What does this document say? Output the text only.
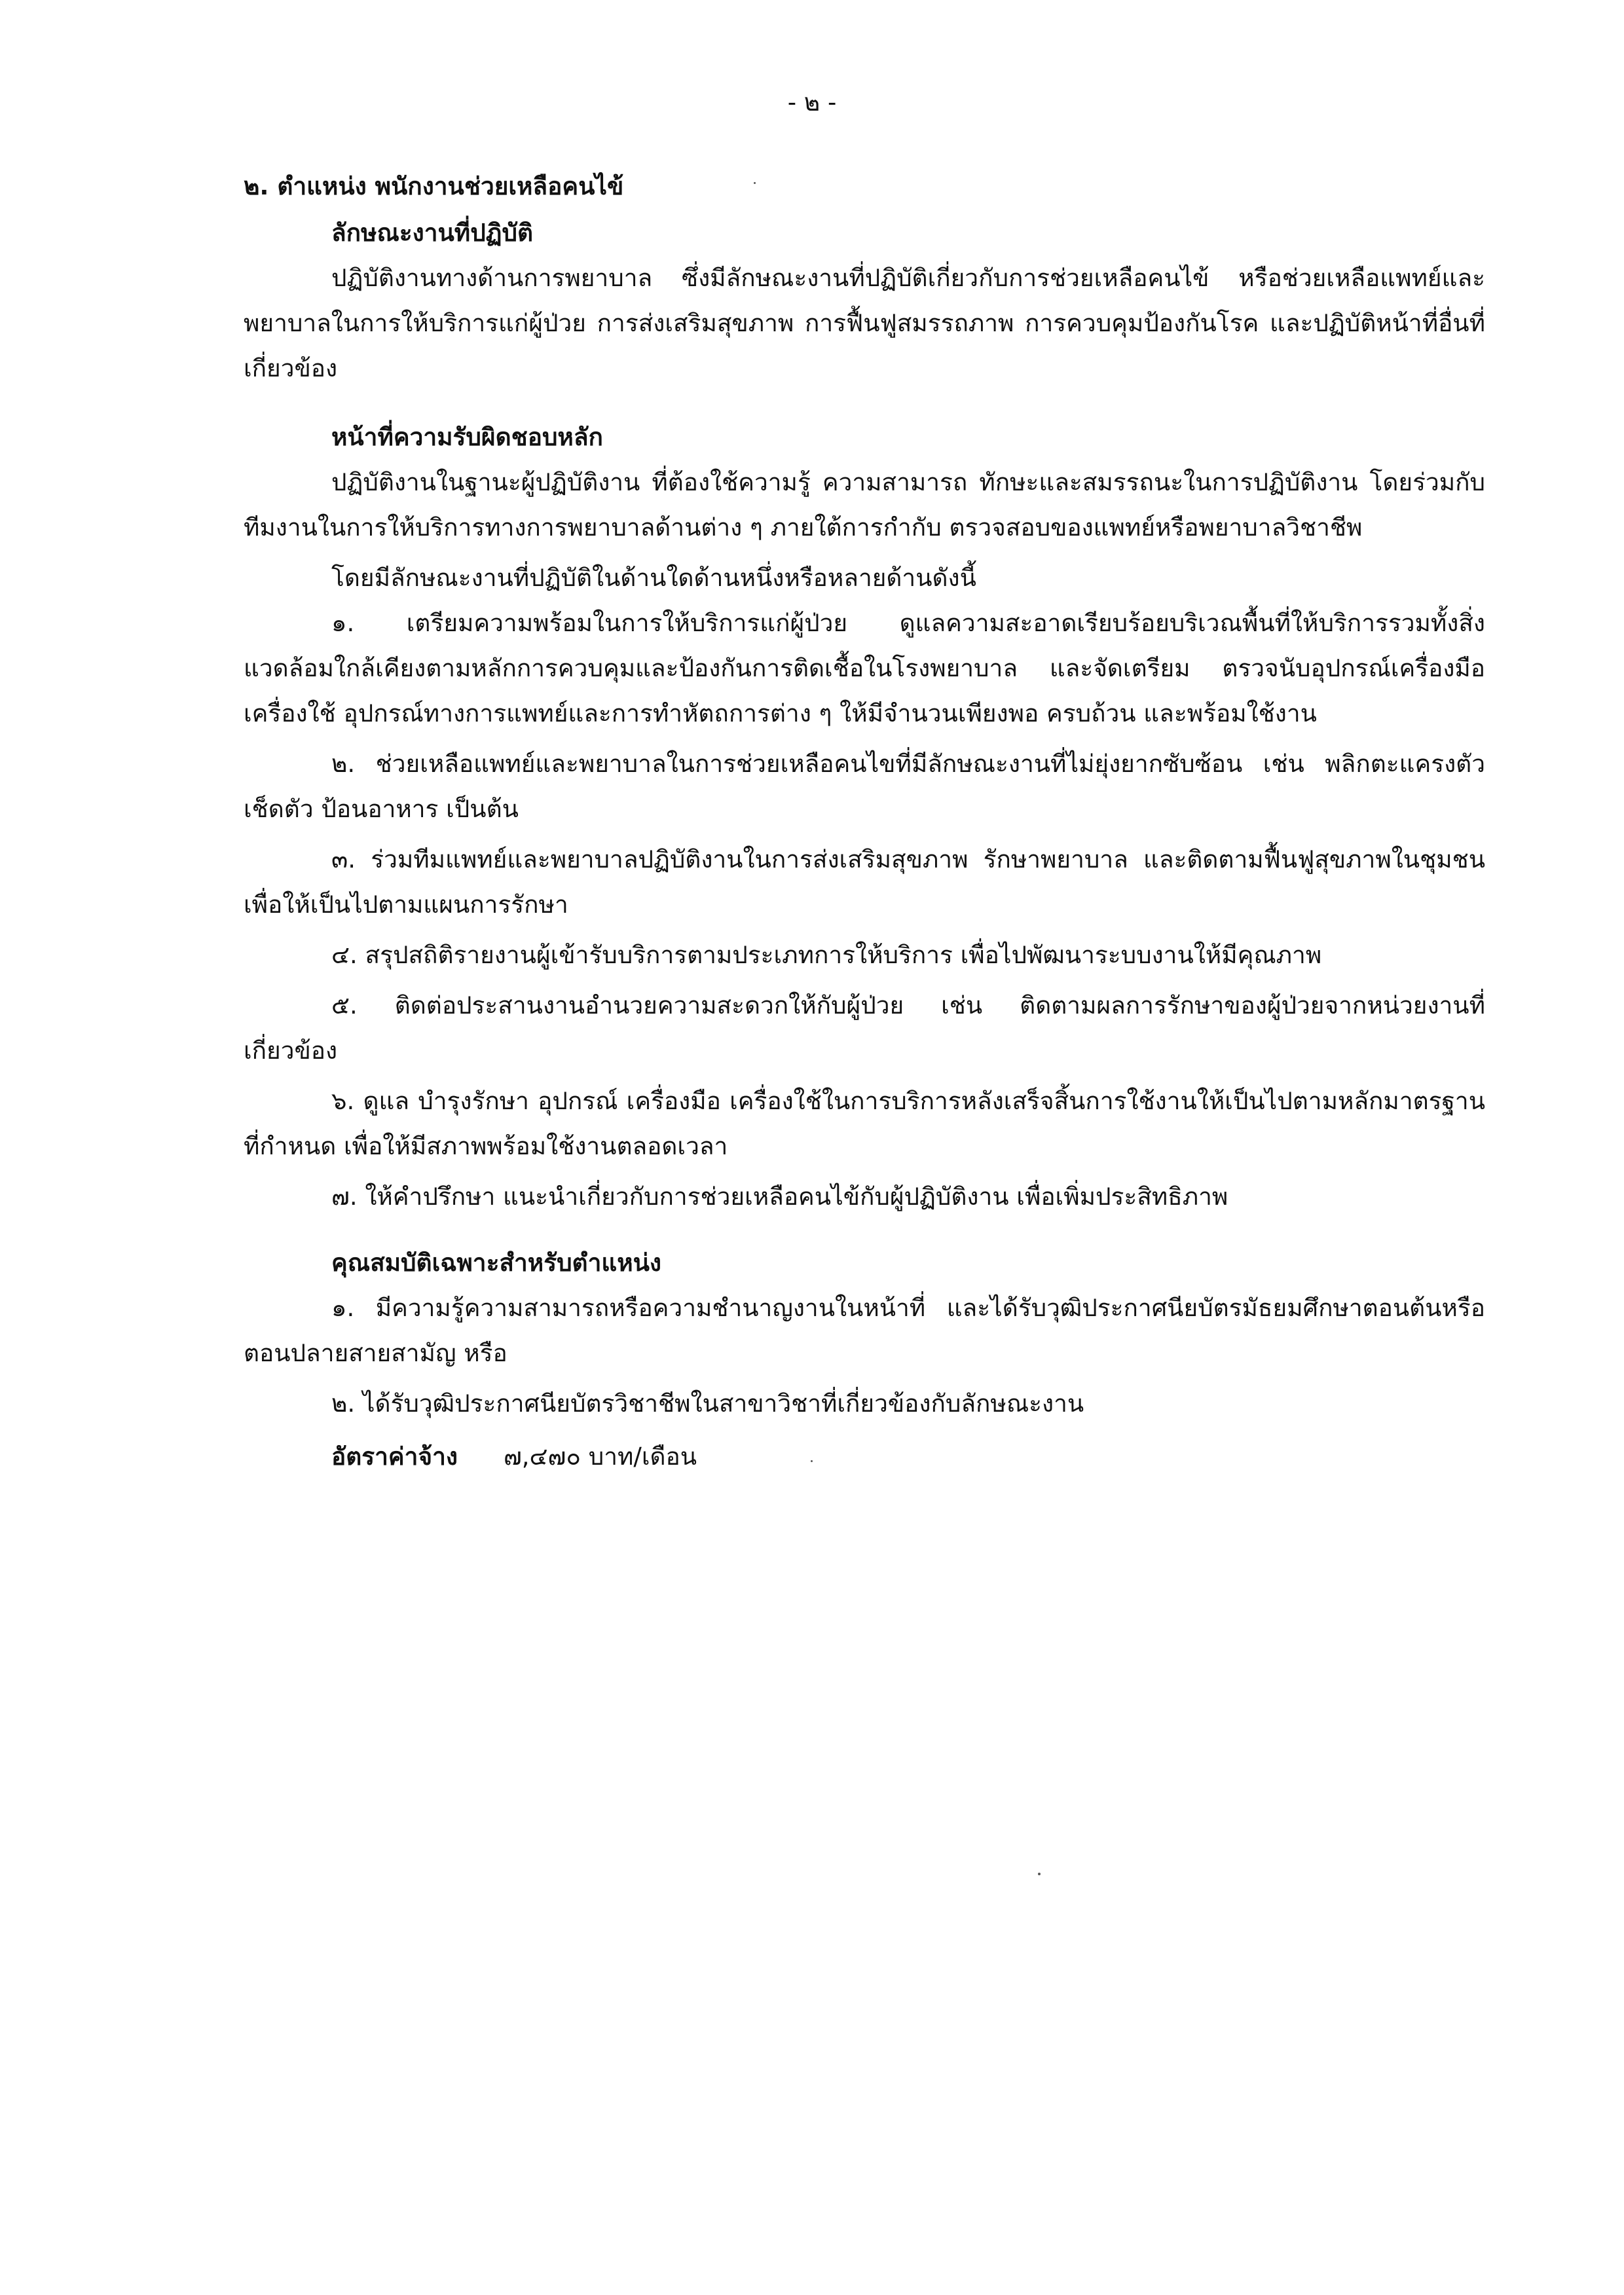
- ๒ -

๒. ตำแหน่ง พนักงานช่วยเหลือคนไข้

ลักษณะงานที่ปฏิบัติ

ปฏิบัติงานทางด้านการพยาบาล ซึ่งมีลักษณะงานที่ปฏิบัติเกี่ยวกับการช่วยเหลือคนไข้ หรือช่วยเหลือแพทย์และพยาบาลในการให้บริการแก่ผู้ป่วย การส่งเสริมสุขภาพ การฟื้นฟูสมรรถภาพ การควบคุมป้องกันโรค และปฏิบัติหน้าที่อื่นที่เกี่ยวข้อง

หน้าที่ความรับผิดชอบหลัก

ปฏิบัติงานในฐานะผู้ปฏิบัติงาน ที่ต้องใช้ความรู้ ความสามารถ ทักษะและสมรรถนะในการปฏิบัติงาน โดยร่วมกับทีมงานในการให้บริการทางการพยาบาลด้านต่าง ๆ ภายใต้การกำกับ ตรวจสอบของแพทย์หรือพยาบาลวิชาชีพ

โดยมีลักษณะงานที่ปฏิบัติในด้านใดด้านหนึ่งหรือหลายด้านดังนี้

๑. เตรียมความพร้อมในการให้บริการแก่ผู้ป่วย ดูแลความสะอาดเรียบร้อยบริเวณพื้นที่ให้บริการรวมทั้งสิ่งแวดล้อมใกล้เคียงตามหลักการควบคุมและป้องกันการติดเชื้อในโรงพยาบาล และจัดเตรียม ตรวจนับอุปกรณ์เครื่องมือ เครื่องใช้ อุปกรณ์ทางการแพทย์และการทำหัตถการต่าง ๆ ให้มีจำนวนเพียงพอ ครบถ้วน และพร้อมใช้งาน

๒. ช่วยเหลือแพทย์และพยาบาลในการช่วยเหลือคนไขที่มีลักษณะงานที่ไม่ยุ่งยากซับซ้อน เช่น พลิกตะแครงตัว เช็ดตัว ป้อนอาหาร เป็นต้น

๓. ร่วมทีมแพทย์และพยาบาลปฏิบัติงานในการส่งเสริมสุขภาพ รักษาพยาบาล และติดตามฟื้นฟูสุขภาพในชุมชน เพื่อให้เป็นไปตามแผนการรักษา

๔. สรุปสถิติรายงานผู้เข้ารับบริการตามประเภทการให้บริการ เพื่อไปพัฒนาระบบงานให้มีคุณภาพ

๕. ติดต่อประสานงานอำนวยความสะดวกให้กับผู้ป่วย เช่น ติดตามผลการรักษาของผู้ป่วยจากหน่วยงานที่เกี่ยวข้อง

๖. ดูแล บำรุงรักษา อุปกรณ์ เครื่องมือ เครื่องใช้ในการบริการหลังเสร็จสิ้นการใช้งานให้เป็นไปตามหลักมาตรฐานที่กำหนด เพื่อให้มีสภาพพร้อมใช้งานตลอดเวลา

๗. ให้คำปรึกษา แนะนำเกี่ยวกับการช่วยเหลือคนไข้กับผู้ปฏิบัติงาน เพื่อเพิ่มประสิทธิภาพ

คุณสมบัติเฉพาะสำหรับตำแหน่ง

๑. มีความรู้ความสามารถหรือความชำนาญงานในหน้าที่ และได้รับวุฒิประกาศนียบัตรมัธยมศึกษาตอนต้นหรือตอนปลายสายสามัญ หรือ

๒. ได้รับวุฒิประกาศนียบัตรวิชาชีพในสาขาวิชาที่เกี่ยวข้องกับลักษณะงาน

อัตราค่าจ้าง ๗,๔๗๐ บาท/เดือน
